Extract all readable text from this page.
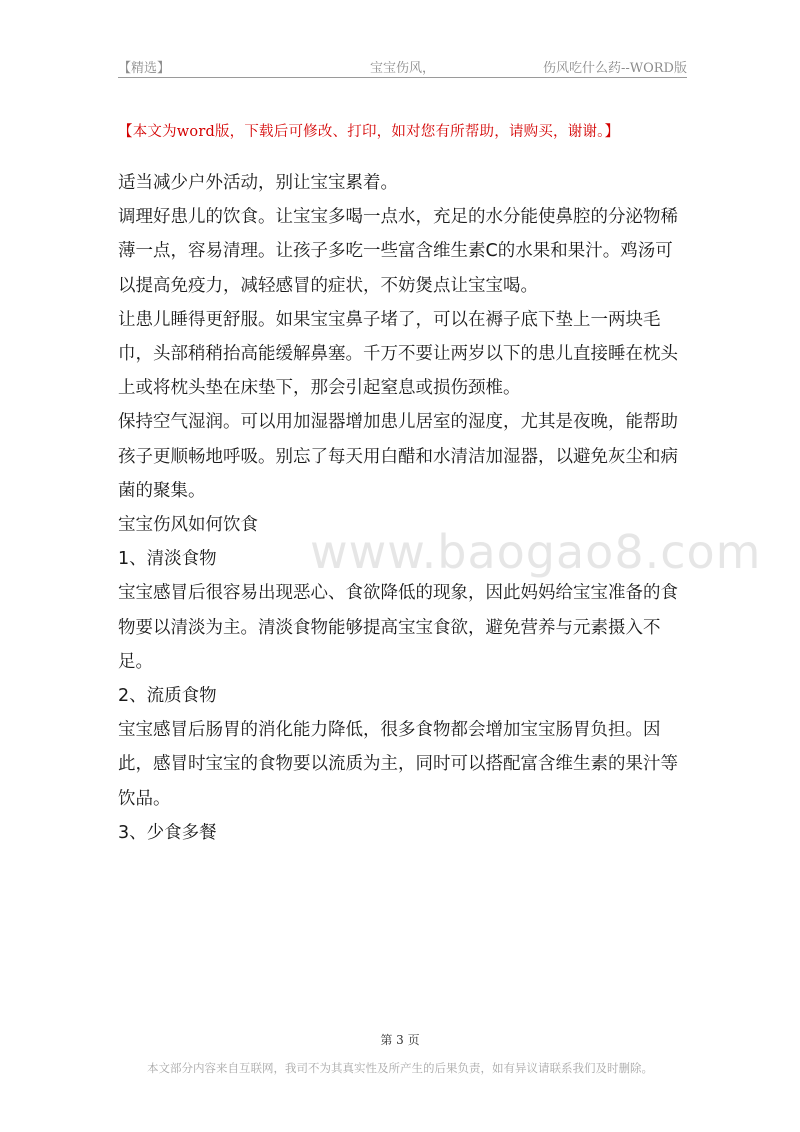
【精选】	宝宝伤风，	伤风吃什么药--WORD版
【本文为word版，下载后可修改、打印，如对您有所帮助，请购买，谢谢。】
www.baogao8.com

适当减少户外活动，别让宝宝累着。

调理好患儿的饮食。让宝宝多喝一点水，充足的水分能使鼻腔的分泌物稀薄一点，容易清理。让孩子多吃一些富含维生素C的水果和果汁。鸡汤可以提高免疫力，减轻感冒的症状，不妨煲点让宝宝喝。

让患儿睡得更舒服。如果宝宝鼻子堵了，可以在褥子底下垫上一两块毛巾，头部稍稍抬高能缓解鼻塞。千万不要让两岁以下的患儿直接睡在枕头上或将枕头垫在床垫下，那会引起窒息或损伤颈椎。

保持空气湿润。可以用加湿器增加患儿居室的湿度，尤其是夜晚，能帮助孩子更顺畅地呼吸。别忘了每天用白醋和水清洁加湿器，以避免灰尘和病菌的聚集。

宝宝伤风如何饮食

1、清淡食物

宝宝感冒后很容易出现恶心、食欲降低的现象，因此妈妈给宝宝准备的食物要以清淡为主。清淡食物能够提高宝宝食欲，避免营养与元素摄入不足。

2、流质食物

宝宝感冒后肠胃的消化能力降低，很多食物都会增加宝宝肠胃负担。因此，感冒时宝宝的食物要以流质为主，同时可以搭配富含维生素的果汁等饮品。

3、少食多餐

第 3 页
本文部分内容来自互联网，我司不为其真实性及所产生的后果负责，如有异议请联系我们及时删除。
